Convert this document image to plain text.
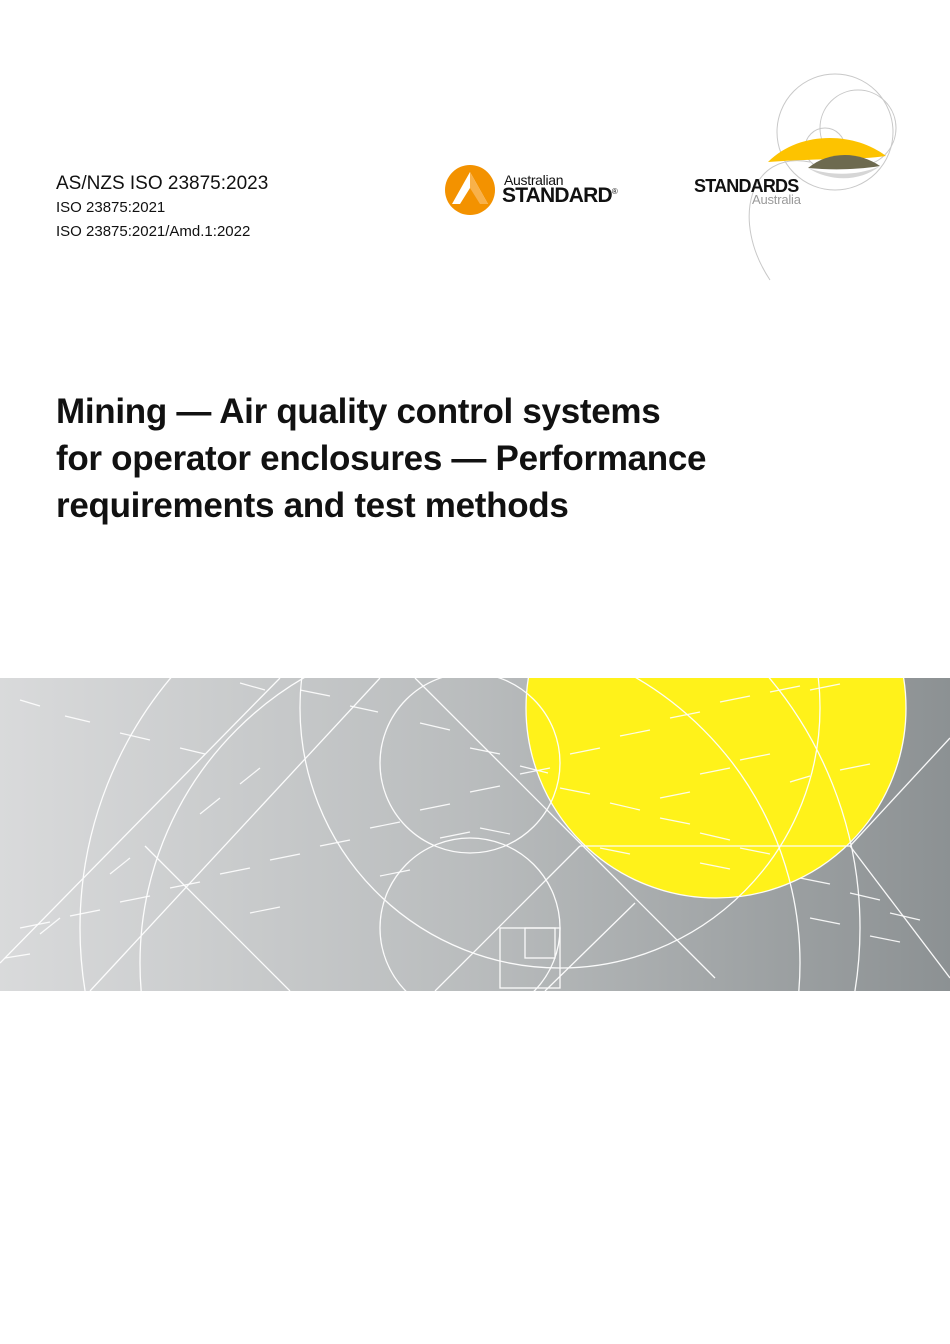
AS/NZS ISO 23875:2023

ISO 23875:2021

ISO 23875:2021/Amd.1:2022

Australian
STANDARD®	STANDARDS
Australia
Mining — Air quality control systems
for operator enclosures — Performance
requirements and test methods
